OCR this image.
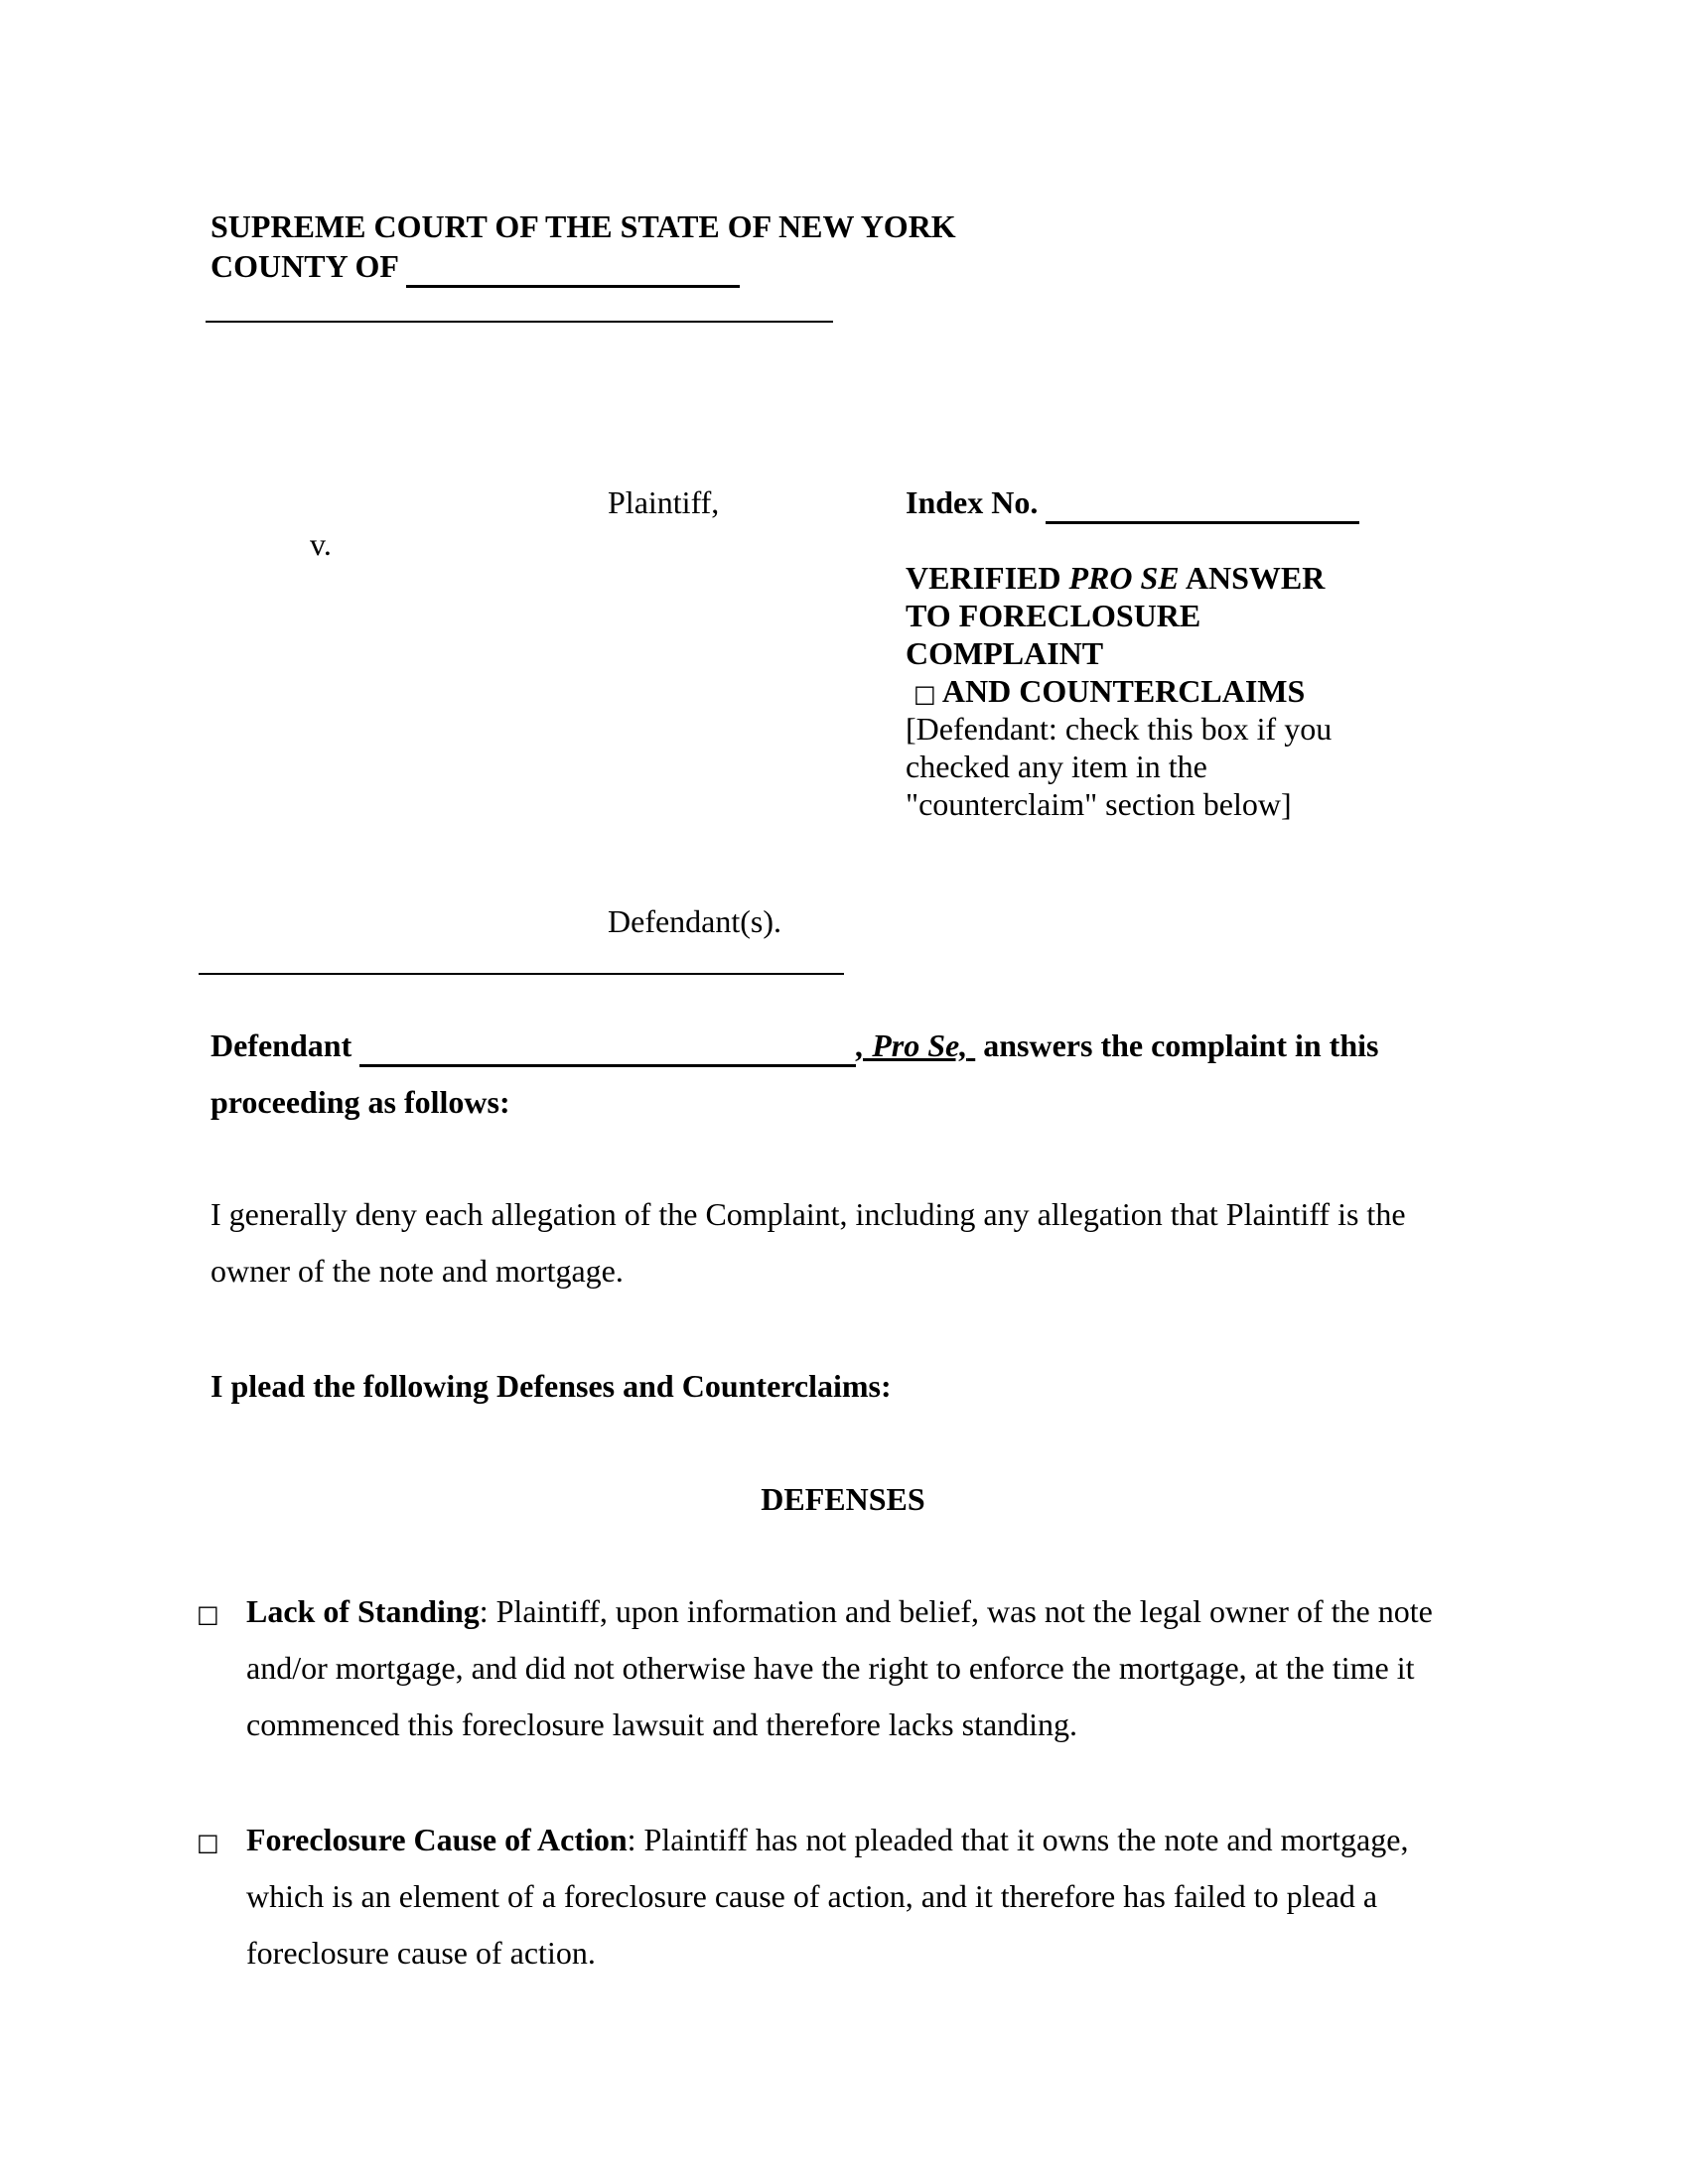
SUPREME COURT OF THE STATE OF NEW YORK
COUNTY OF
Plaintiff,
v.
Defendant(s).
Index No.
VERIFIED PRO SE ANSWER
TO FORECLOSURE
COMPLAINT
□ AND COUNTERCLAIMS
[Defendant: check this box if you
checked any item in the
"counterclaim" section below]
Defendant	, Pro Se, answers the complaint in this
proceeding as follows:
I generally deny each allegation of the Complaint, including any allegation that Plaintiff is the owner of the note and mortgage.
I plead the following Defenses and Counterclaims:
DEFENSES
□ Lack of Standing: Plaintiff, upon information and belief, was not the legal owner of the note and/or mortgage, and did not otherwise have the right to enforce the mortgage, at the time it commenced this foreclosure lawsuit and therefore lacks standing.
□ Foreclosure Cause of Action: Plaintiff has not pleaded that it owns the note and mortgage, which is an element of a foreclosure cause of action, and it therefore has failed to plead a foreclosure cause of action.
